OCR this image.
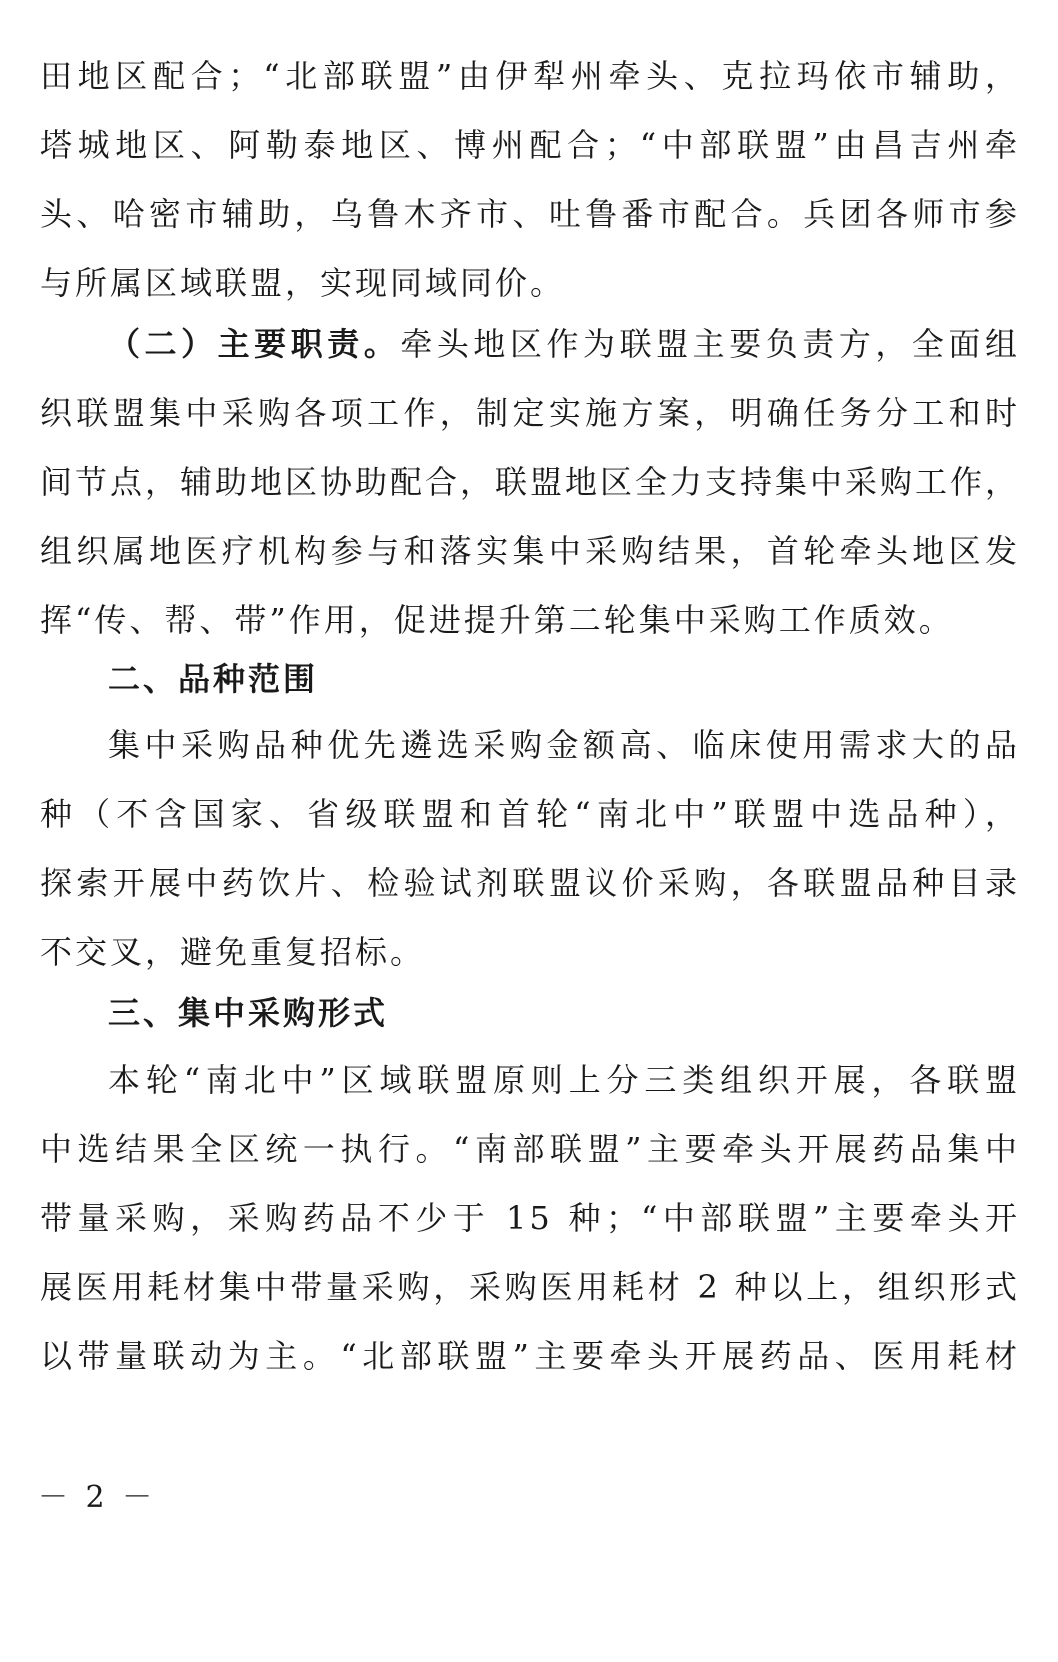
田地区配合；“北部联盟”由伊犁州牵头、克拉玛依市辅助，
塔城地区、阿勒泰地区、博州配合；“中部联盟”由昌吉州牵
头、哈密市辅助，乌鲁木齐市、吐鲁番市配合。兵团各师市参
与所属区域联盟，实现同域同价。
（二）主要职责。牵头地区作为联盟主要负责方，全面组
织联盟集中采购各项工作，制定实施方案，明确任务分工和时
间节点，辅助地区协助配合，联盟地区全力支持集中采购工作，
组织属地医疗机构参与和落实集中采购结果，首轮牵头地区发
挥“传、帮、带”作用，促进提升第二轮集中采购工作质效。
二、品种范围
集中采购品种优先遴选采购金额高、临床使用需求大的品
种（不含国家、省级联盟和首轮“南北中”联盟中选品种），
探索开展中药饮片、检验试剂联盟议价采购，各联盟品种目录
不交叉，避免重复招标。
三、集中采购形式
本轮“南北中”区域联盟原则上分三类组织开展，各联盟
中选结果全区统一执行。“南部联盟”主要牵头开展药品集中
带量采购，采购药品不少于 15 种；“中部联盟”主要牵头开
展医用耗材集中带量采购，采购医用耗材 2 种以上，组织形式
以带量联动为主。“北部联盟”主要牵头开展药品、医用耗材
－ 2 －
